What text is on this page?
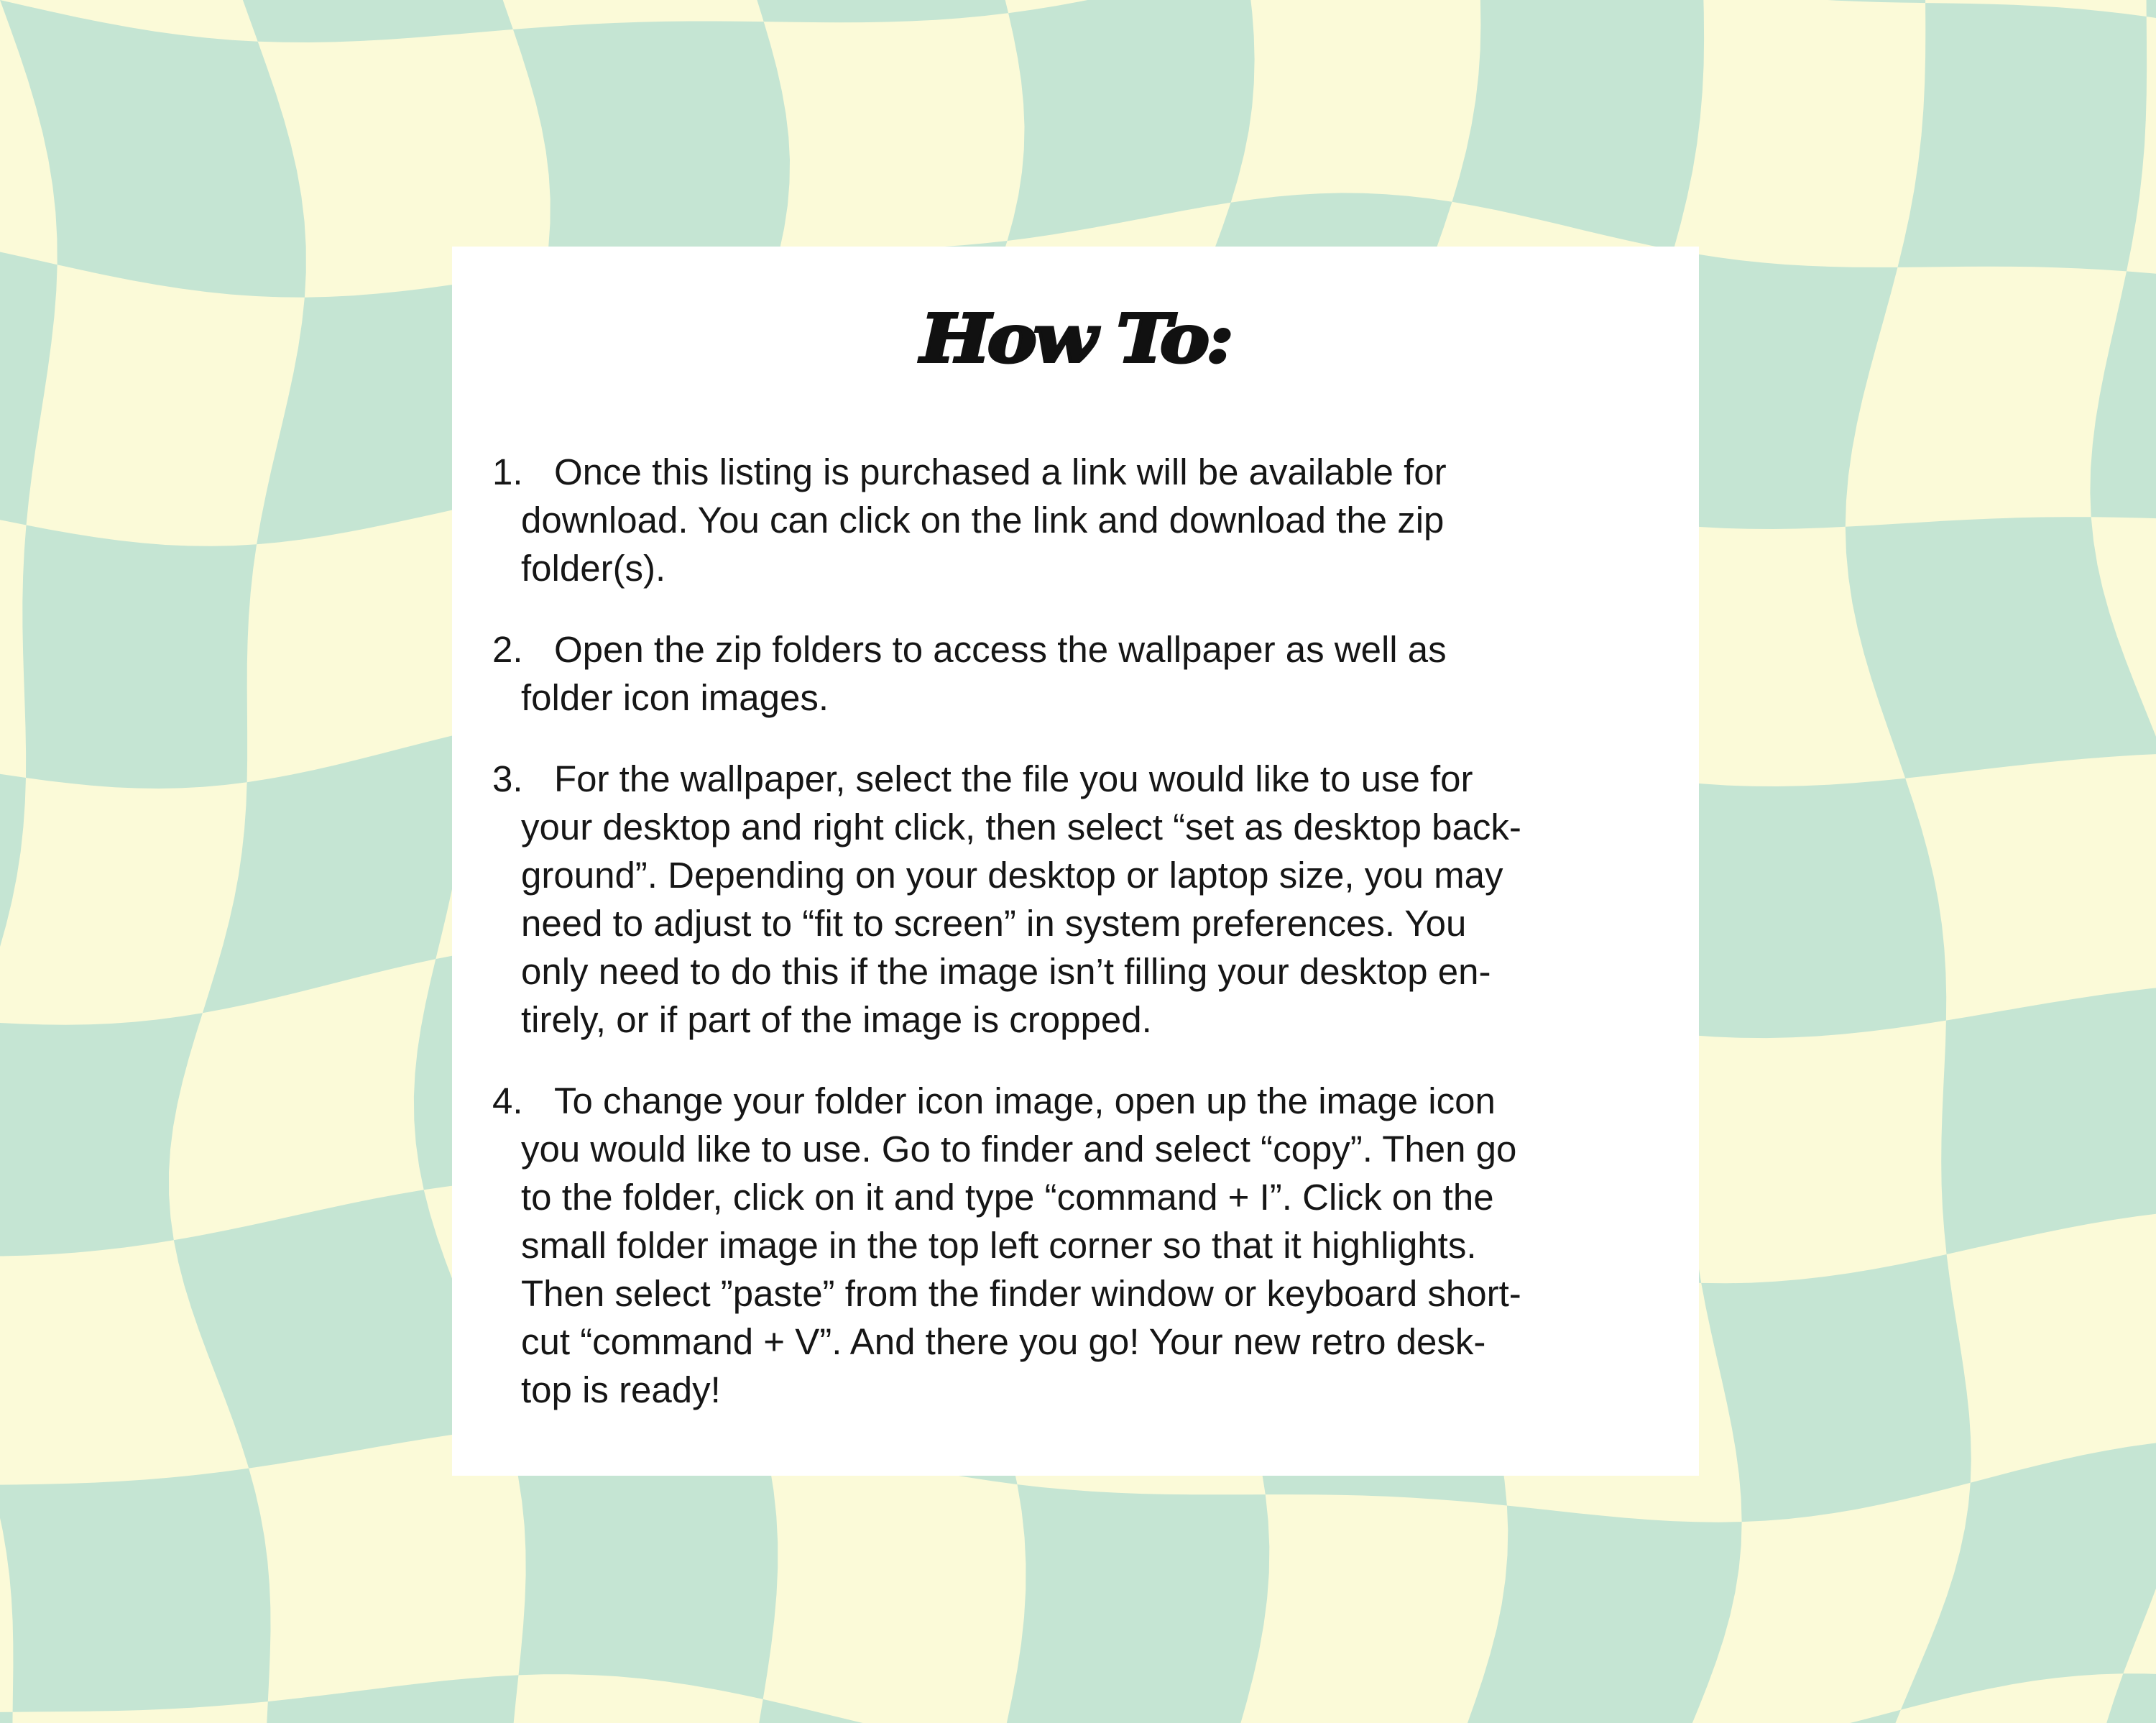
How To:
1. Once this listing is purchased a link will be available for
download. You can click on the link and download the zip
folder(s).
2. Open the zip folders to access the wallpaper as well as
folder icon images.
3. For the wallpaper, select the file you would like to use for
your desktop and right click, then select “set as desktop back-
ground”. Depending on your desktop or laptop size, you may
need to adjust to “fit to screen” in system preferences. You
only need to do this if the image isn’t filling your desktop en-
tirely, or if part of the image is cropped.
4. To change your folder icon image, open up the image icon
you would like to use. Go to finder and select “copy”. Then go
to the folder, click on it and type “command + I”. Click on the
small folder image in the top left corner so that it highlights.
Then select ”paste” from the finder window or keyboard short-
cut “command + V”. And there you go! Your new retro desk-
top is ready!
